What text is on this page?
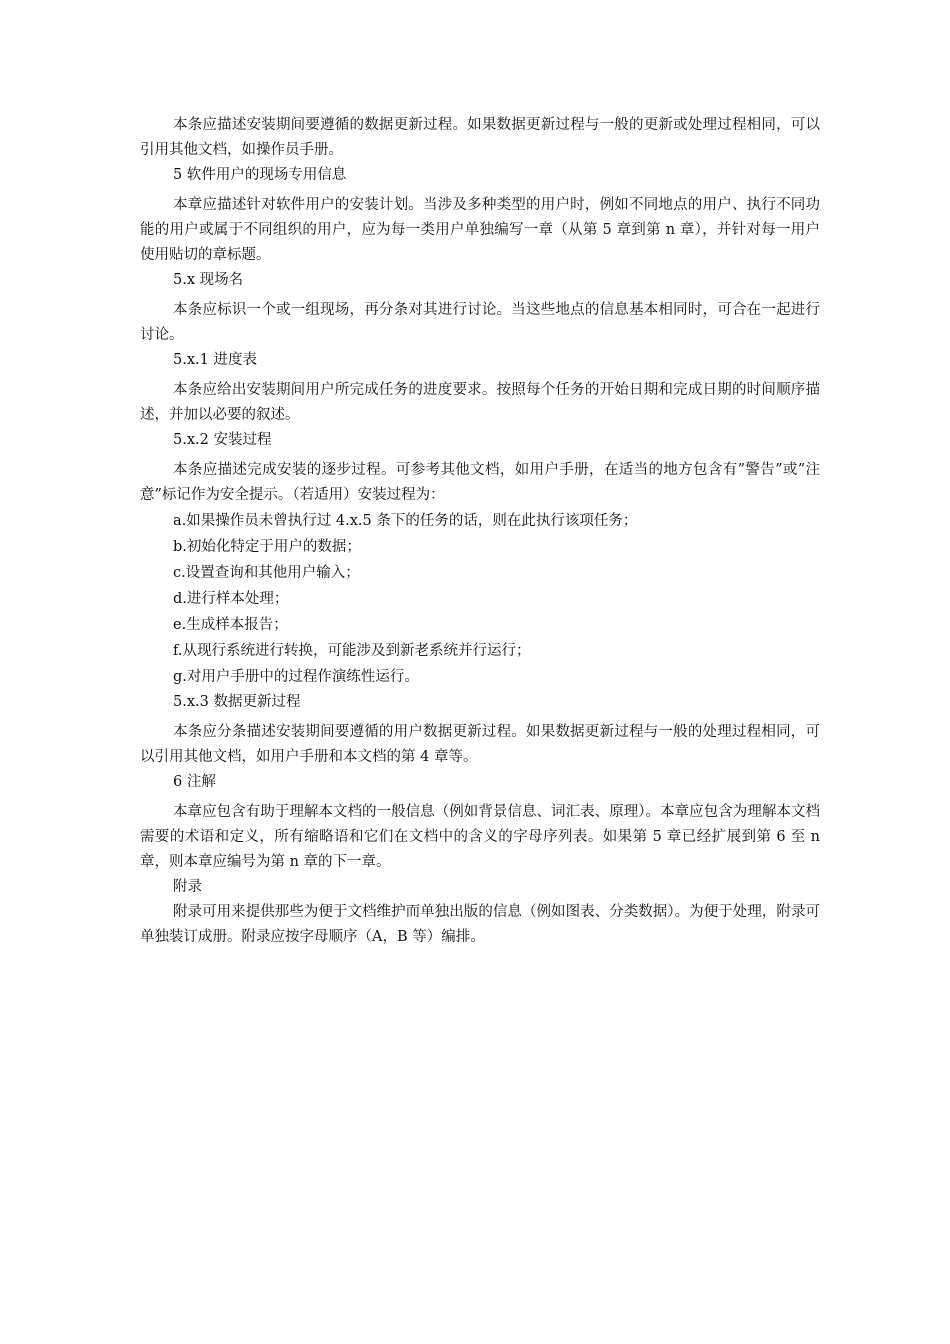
本条应描述安装期间要遵循的数据更新过程。如果数据更新过程与一般的更新或处理过程相同，可以引用其他文档，如操作员手册。

5 软件用户的现场专用信息

本章应描述针对软件用户的安装计划。当涉及多种类型的用户时，例如不同地点的用户、执行不同功能的用户或属于不同组织的用户，应为每一类用户单独编写一章（从第 5 章到第 n 章），并针对每一用户使用贴切的章标题。

5.x 现场名

本条应标识一个或一组现场，再分条对其进行讨论。当这些地点的信息基本相同时，可合在一起进行讨论。

5.x.1 进度表

本条应给出安装期间用户所完成任务的进度要求。按照每个任务的开始日期和完成日期的时间顺序描述，并加以必要的叙述。

5.x.2 安装过程

本条应描述完成安装的逐步过程。可参考其他文档，如用户手册，在适当的地方包含有”警告”或”注意”标记作为安全提示。（若适用）安装过程为：

a.如果操作员未曾执行过 4.x.5 条下的任务的话，则在此执行该项任务；

b.初始化特定于用户的数据；

c.设置查询和其他用户输入；

d.进行样本处理；

e.生成样本报告；

f.从现行系统进行转换，可能涉及到新老系统并行运行；

g.对用户手册中的过程作演练性运行。

5.x.3 数据更新过程

本条应分条描述安装期间要遵循的用户数据更新过程。如果数据更新过程与一般的处理过程相同，可以引用其他文档，如用户手册和本文档的第 4 章等。

6 注解

本章应包含有助于理解本文档的一般信息（例如背景信息、词汇表、原理）。本章应包含为理解本文档需要的术语和定义，所有缩略语和它们在文档中的含义的字母序列表。如果第 5 章已经扩展到第 6 至 n 章，则本章应编号为第 n 章的下一章。

附录

附录可用来提供那些为便于文档维护而单独出版的信息（例如图表、分类数据）。为便于处理，附录可单独装订成册。附录应按字母顺序（A，B 等）编排。
